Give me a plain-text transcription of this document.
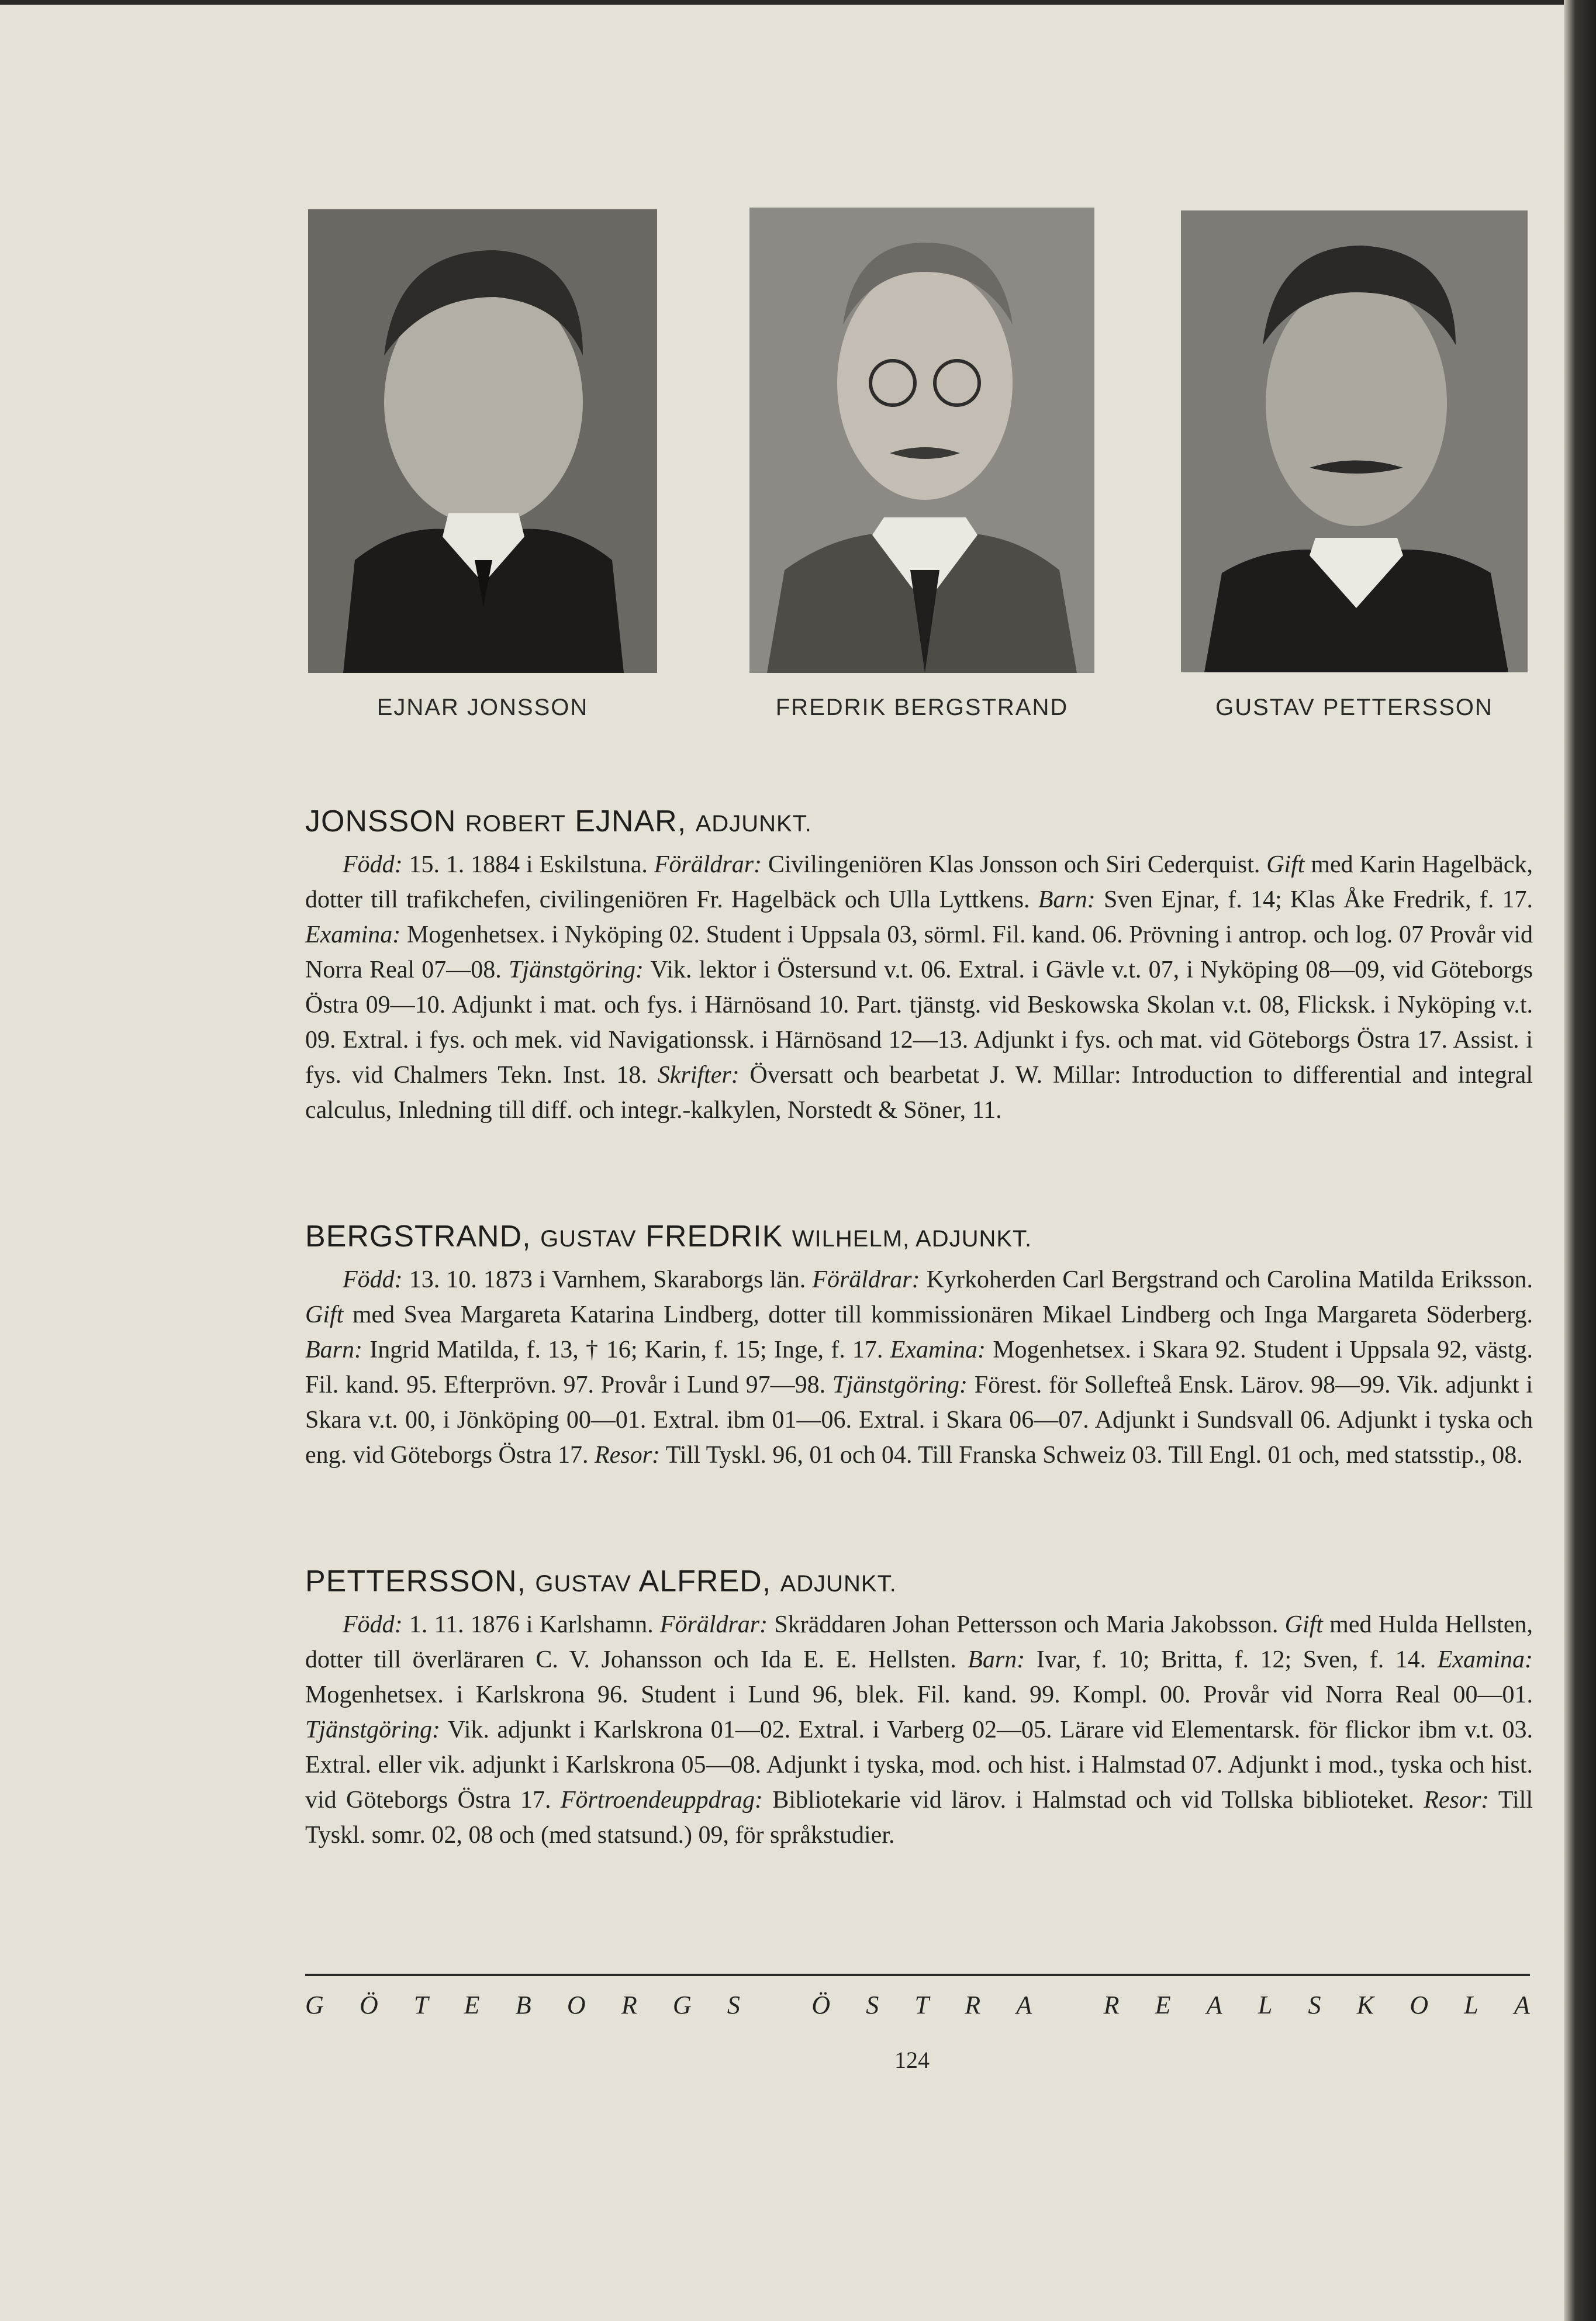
EJNAR JONSSON	FREDRIK BERGSTRAND	GUSTAV PETTERSSON
JONSSON ROBERT EJNAR, ADJUNKT.

Född: 15. 1. 1884 i Eskilstuna. Föräldrar: Civilingeniören Klas Jonsson och Siri Cederquist. Gift med Karin Hagelbäck, dotter till trafikchefen, civilingeniören Fr. Hagelbäck och Ulla Lyttkens. Barn: Sven Ejnar, f. 14; Klas Åke Fredrik, f. 17. Examina: Mogenhetsex. i Nyköping 02. Student i Uppsala 03, sörml. Fil. kand. 06. Prövning i antrop. och log. 07 Provår vid Norra Real 07—08. Tjänstgöring: Vik. lektor i Östersund v.t. 06. Extral. i Gävle v.t. 07, i Nyköping 08—09, vid Göteborgs Östra 09—10. Adjunkt i mat. och fys. i Härnösand 10. Part. tjänstg. vid Beskowska Skolan v.t. 08, Flicksk. i Nyköping v.t. 09. Extral. i fys. och mek. vid Navigationssk. i Härnösand 12—13. Adjunkt i fys. och mat. vid Göteborgs Östra 17. Assist. i fys. vid Chalmers Tekn. Inst. 18. Skrifter: Översatt och bearbetat J. W. Millar: Introduction to differential and integral calculus, Inledning till diff. och integr.-kalkylen, Norstedt & Söner, 11.

BERGSTRAND, GUSTAV FREDRIK WILHELM, ADJUNKT.

Född: 13. 10. 1873 i Varnhem, Skaraborgs län. Föräldrar: Kyrkoherden Carl Bergstrand och Carolina Matilda Eriksson. Gift med Svea Margareta Katarina Lindberg, dotter till kommissionären Mikael Lindberg och Inga Margareta Söderberg. Barn: Ingrid Matilda, f. 13, † 16; Karin, f. 15; Inge, f. 17. Examina: Mogenhetsex. i Skara 92. Student i Uppsala 92, västg. Fil. kand. 95. Efterprövn. 97. Provår i Lund 97—98. Tjänstgöring: Förest. för Sollefteå Ensk. Lärov. 98—99. Vik. adjunkt i Skara v.t. 00, i Jönköping 00—01. Extral. ibm 01—06. Extral. i Skara 06—07. Adjunkt i Sundsvall 06. Adjunkt i tyska och eng. vid Göteborgs Östra 17. Resor: Till Tyskl. 96, 01 och 04. Till Franska Schweiz 03. Till Engl. 01 och, med statsstip., 08.

PETTERSSON, GUSTAV ALFRED, ADJUNKT.

Född: 1. 11. 1876 i Karlshamn. Föräldrar: Skräddaren Johan Pettersson och Maria Jakobsson. Gift med Hulda Hellsten, dotter till överläraren C. V. Johansson och Ida E. E. Hellsten. Barn: Ivar, f. 10; Britta, f. 12; Sven, f. 14. Examina: Mogenhetsex. i Karlskrona 96. Student i Lund 96, blek. Fil. kand. 99. Kompl. 00. Provår vid Norra Real 00—01. Tjänstgöring: Vik. adjunkt i Karlskrona 01—02. Extral. i Varberg 02—05. Lärare vid Elementarsk. för flickor ibm v.t. 03. Extral. eller vik. adjunkt i Karlskrona 05—08. Adjunkt i tyska, mod. och hist. i Halmstad 07. Adjunkt i mod., tyska och hist. vid Göteborgs Östra 17. Förtroendeuppdrag: Bibliotekarie vid lärov. i Halmstad och vid Tollska biblioteket. Resor: Till Tyskl. somr. 02, 08 och (med statsund.) 09, för språkstudier.

G Ö T E B O R G S	Ö S T R A	R E A L S K O L A
124
